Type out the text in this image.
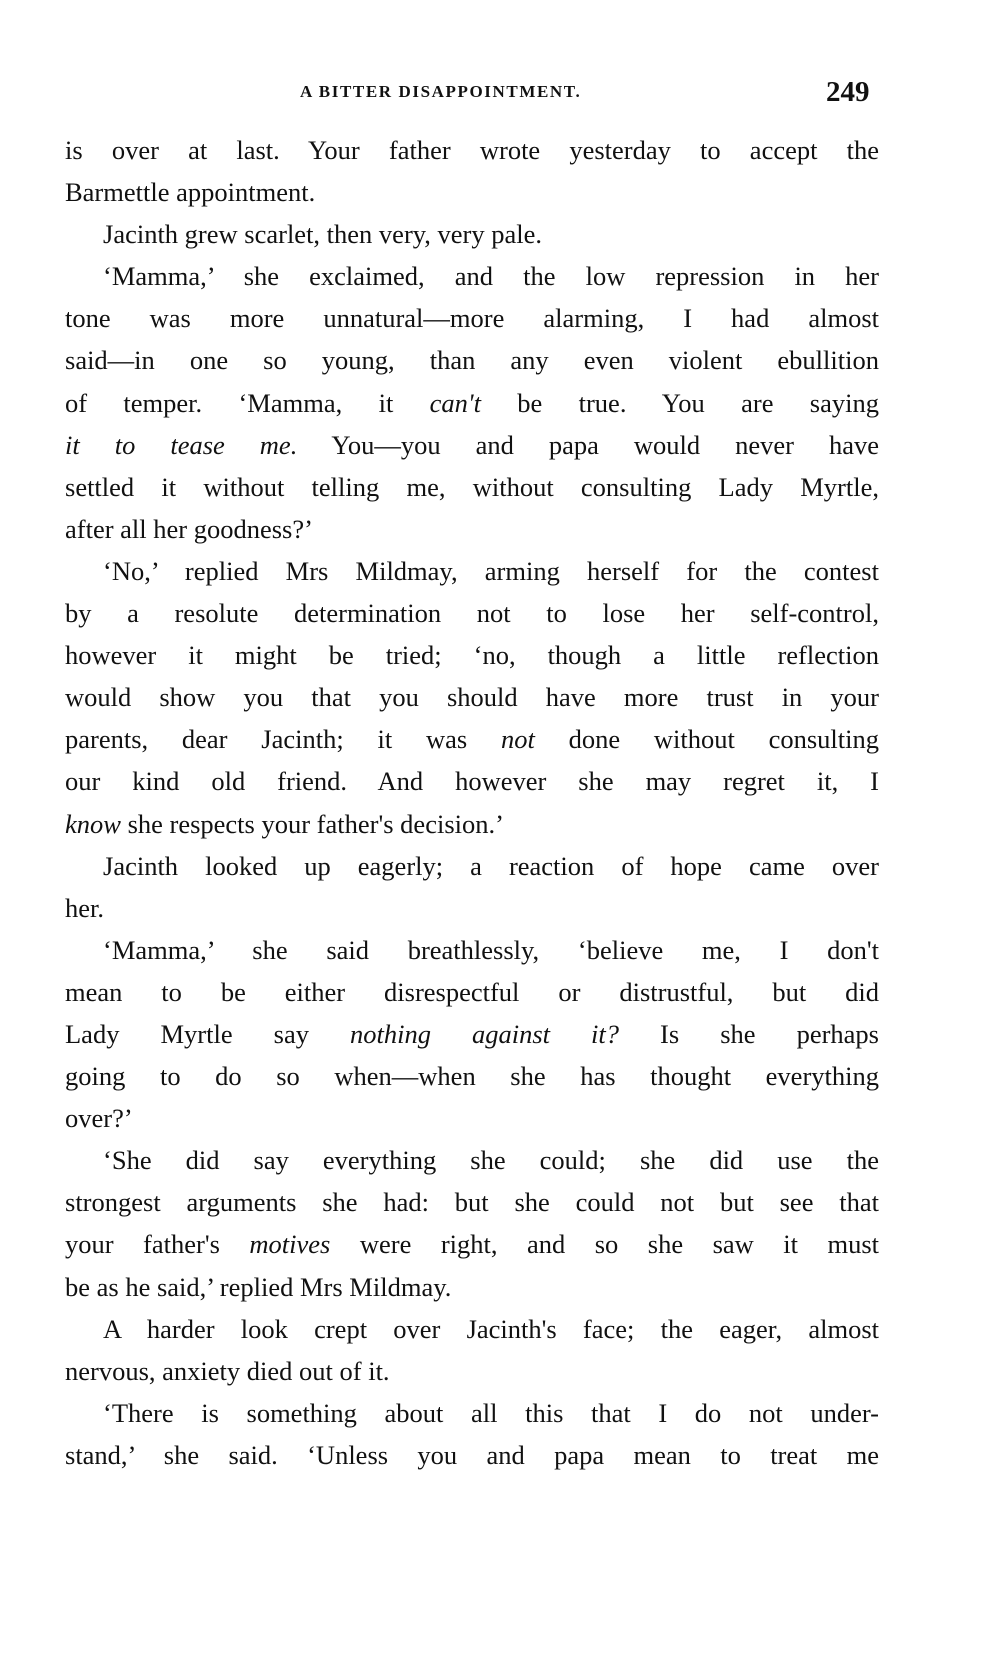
A BITTER DISAPPOINTMENT.	249
is over at last. Your father wrote yesterday to accept the
Barmettle appointment.
Jacinth grew scarlet, then very, very pale.
‘Mamma,’ she exclaimed, and the low repression in her
tone was more unnatural—more alarming, I had almost
said—in one so young, than any even violent ebullition
of temper. ‘Mamma, it can't be true. You are saying
it to tease me. You—you and papa would never have
settled it without telling me, without consulting Lady Myrtle,
after all her goodness?’
‘No,’ replied Mrs Mildmay, arming herself for the contest
by a resolute determination not to lose her self-control,
however it might be tried; ‘no, though a little reflection
would show you that you should have more trust in your
parents, dear Jacinth; it was not done without consulting
our kind old friend. And however she may regret it, I
know she respects your father's decision.’
Jacinth looked up eagerly; a reaction of hope came over
her.
‘Mamma,’ she said breathlessly, ‘believe me, I don't
mean to be either disrespectful or distrustful, but did
Lady Myrtle say nothing against it? Is she perhaps
going to do so when—when she has thought everything
over?’
‘She did say everything she could; she did use the
strongest arguments she had: but she could not but see that
your father's motives were right, and so she saw it must
be as he said,’ replied Mrs Mildmay.
A harder look crept over Jacinth's face; the eager, almost
nervous, anxiety died out of it.
‘There is something about all this that I do not under-
stand,’ she said. ‘Unless you and papa mean to treat me
